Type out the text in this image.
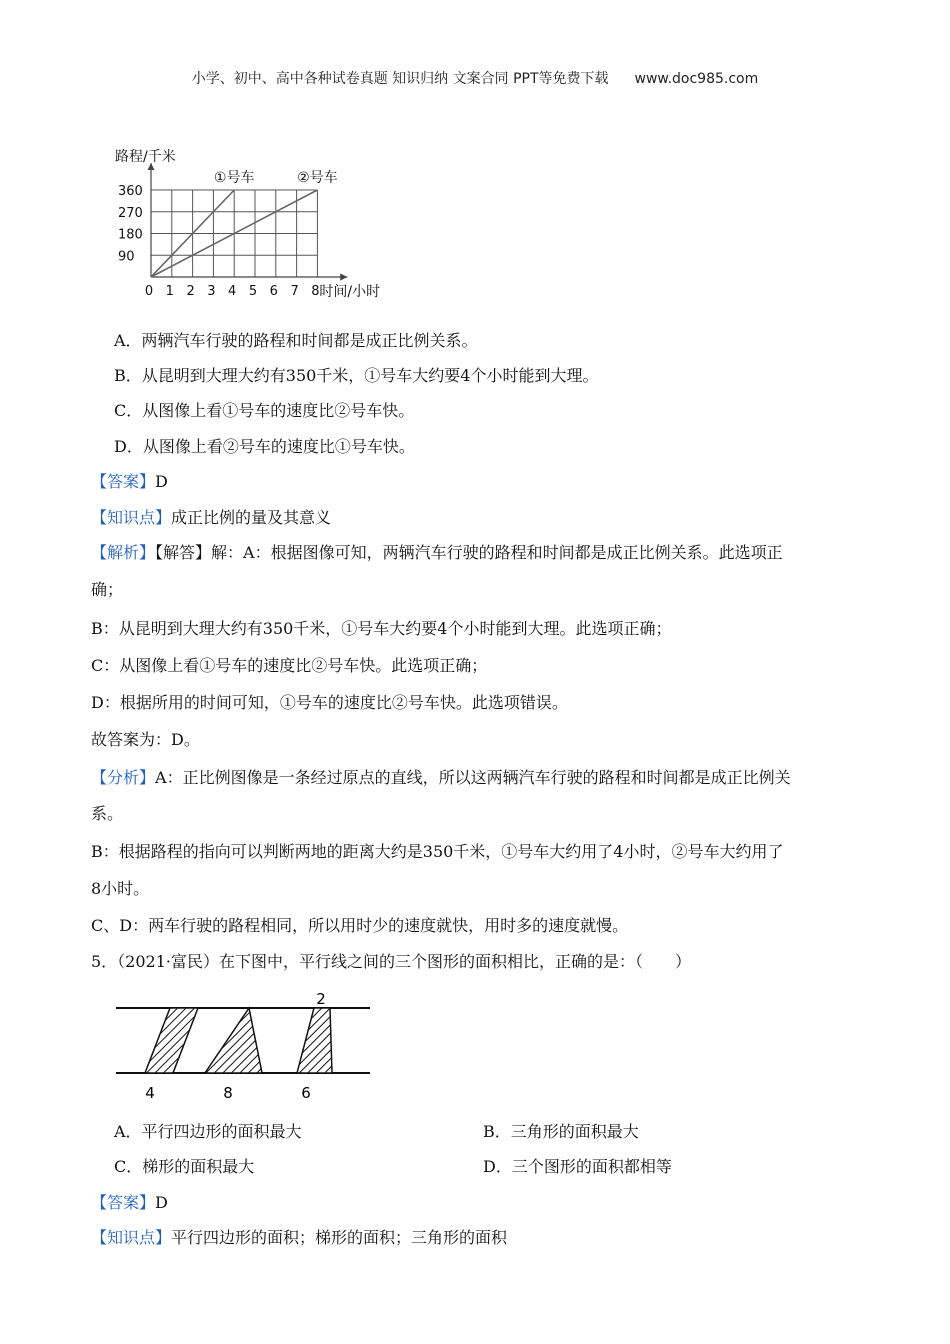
小学、初中、高中各种试卷真题 知识归纳 文案合同 PPT等免费下载 www.doc985.com
①号车	②号车
0 1 2 3 4 5 6 7 8
90
180
270
360
路程/千米
时间/小时
A．两辆汽车行驶的路程和时间都是成正比例关系。
B．从昆明到大理大约有350千米，①号车大约要4个小时能到大理。
C．从图像上看①号车的速度比②号车快。
D．从图像上看②号车的速度比①号车快。
【答案】D
【知识点】成正比例的量及其意义
【解析】【解答】解：A：根据图像可知，两辆汽车行驶的路程和时间都是成正比例关系。此选项正
确；
B：从昆明到大理大约有350千米，①号车大约要4个小时能到大理。此选项正确；
C：从图像上看①号车的速度比②号车快。此选项正确；
D：根据所用的时间可知，①号车的速度比②号车快。此选项错误。
故答案为：D。
【分析】A：正比例图像是一条经过原点的直线，所以这两辆汽车行驶的路程和时间都是成正比例关
系。
B：根据路程的指向可以判断两地的距离大约是350千米，①号车大约用了4小时，②号车大约用了
8小时。
C、D：两车行驶的路程相同，所以用时少的速度就快，用时多的速度就慢。
5．（2021·富民）在下图中，平行线之间的三个图形的面积相比，正确的是：（　　）
4	8	6
2
A．平行四边形的面积最大	B．三角形的面积最大
C．梯形的面积最大	D．三个图形的面积都相等
【答案】D
【知识点】平行四边形的面积；梯形的面积；三角形的面积
